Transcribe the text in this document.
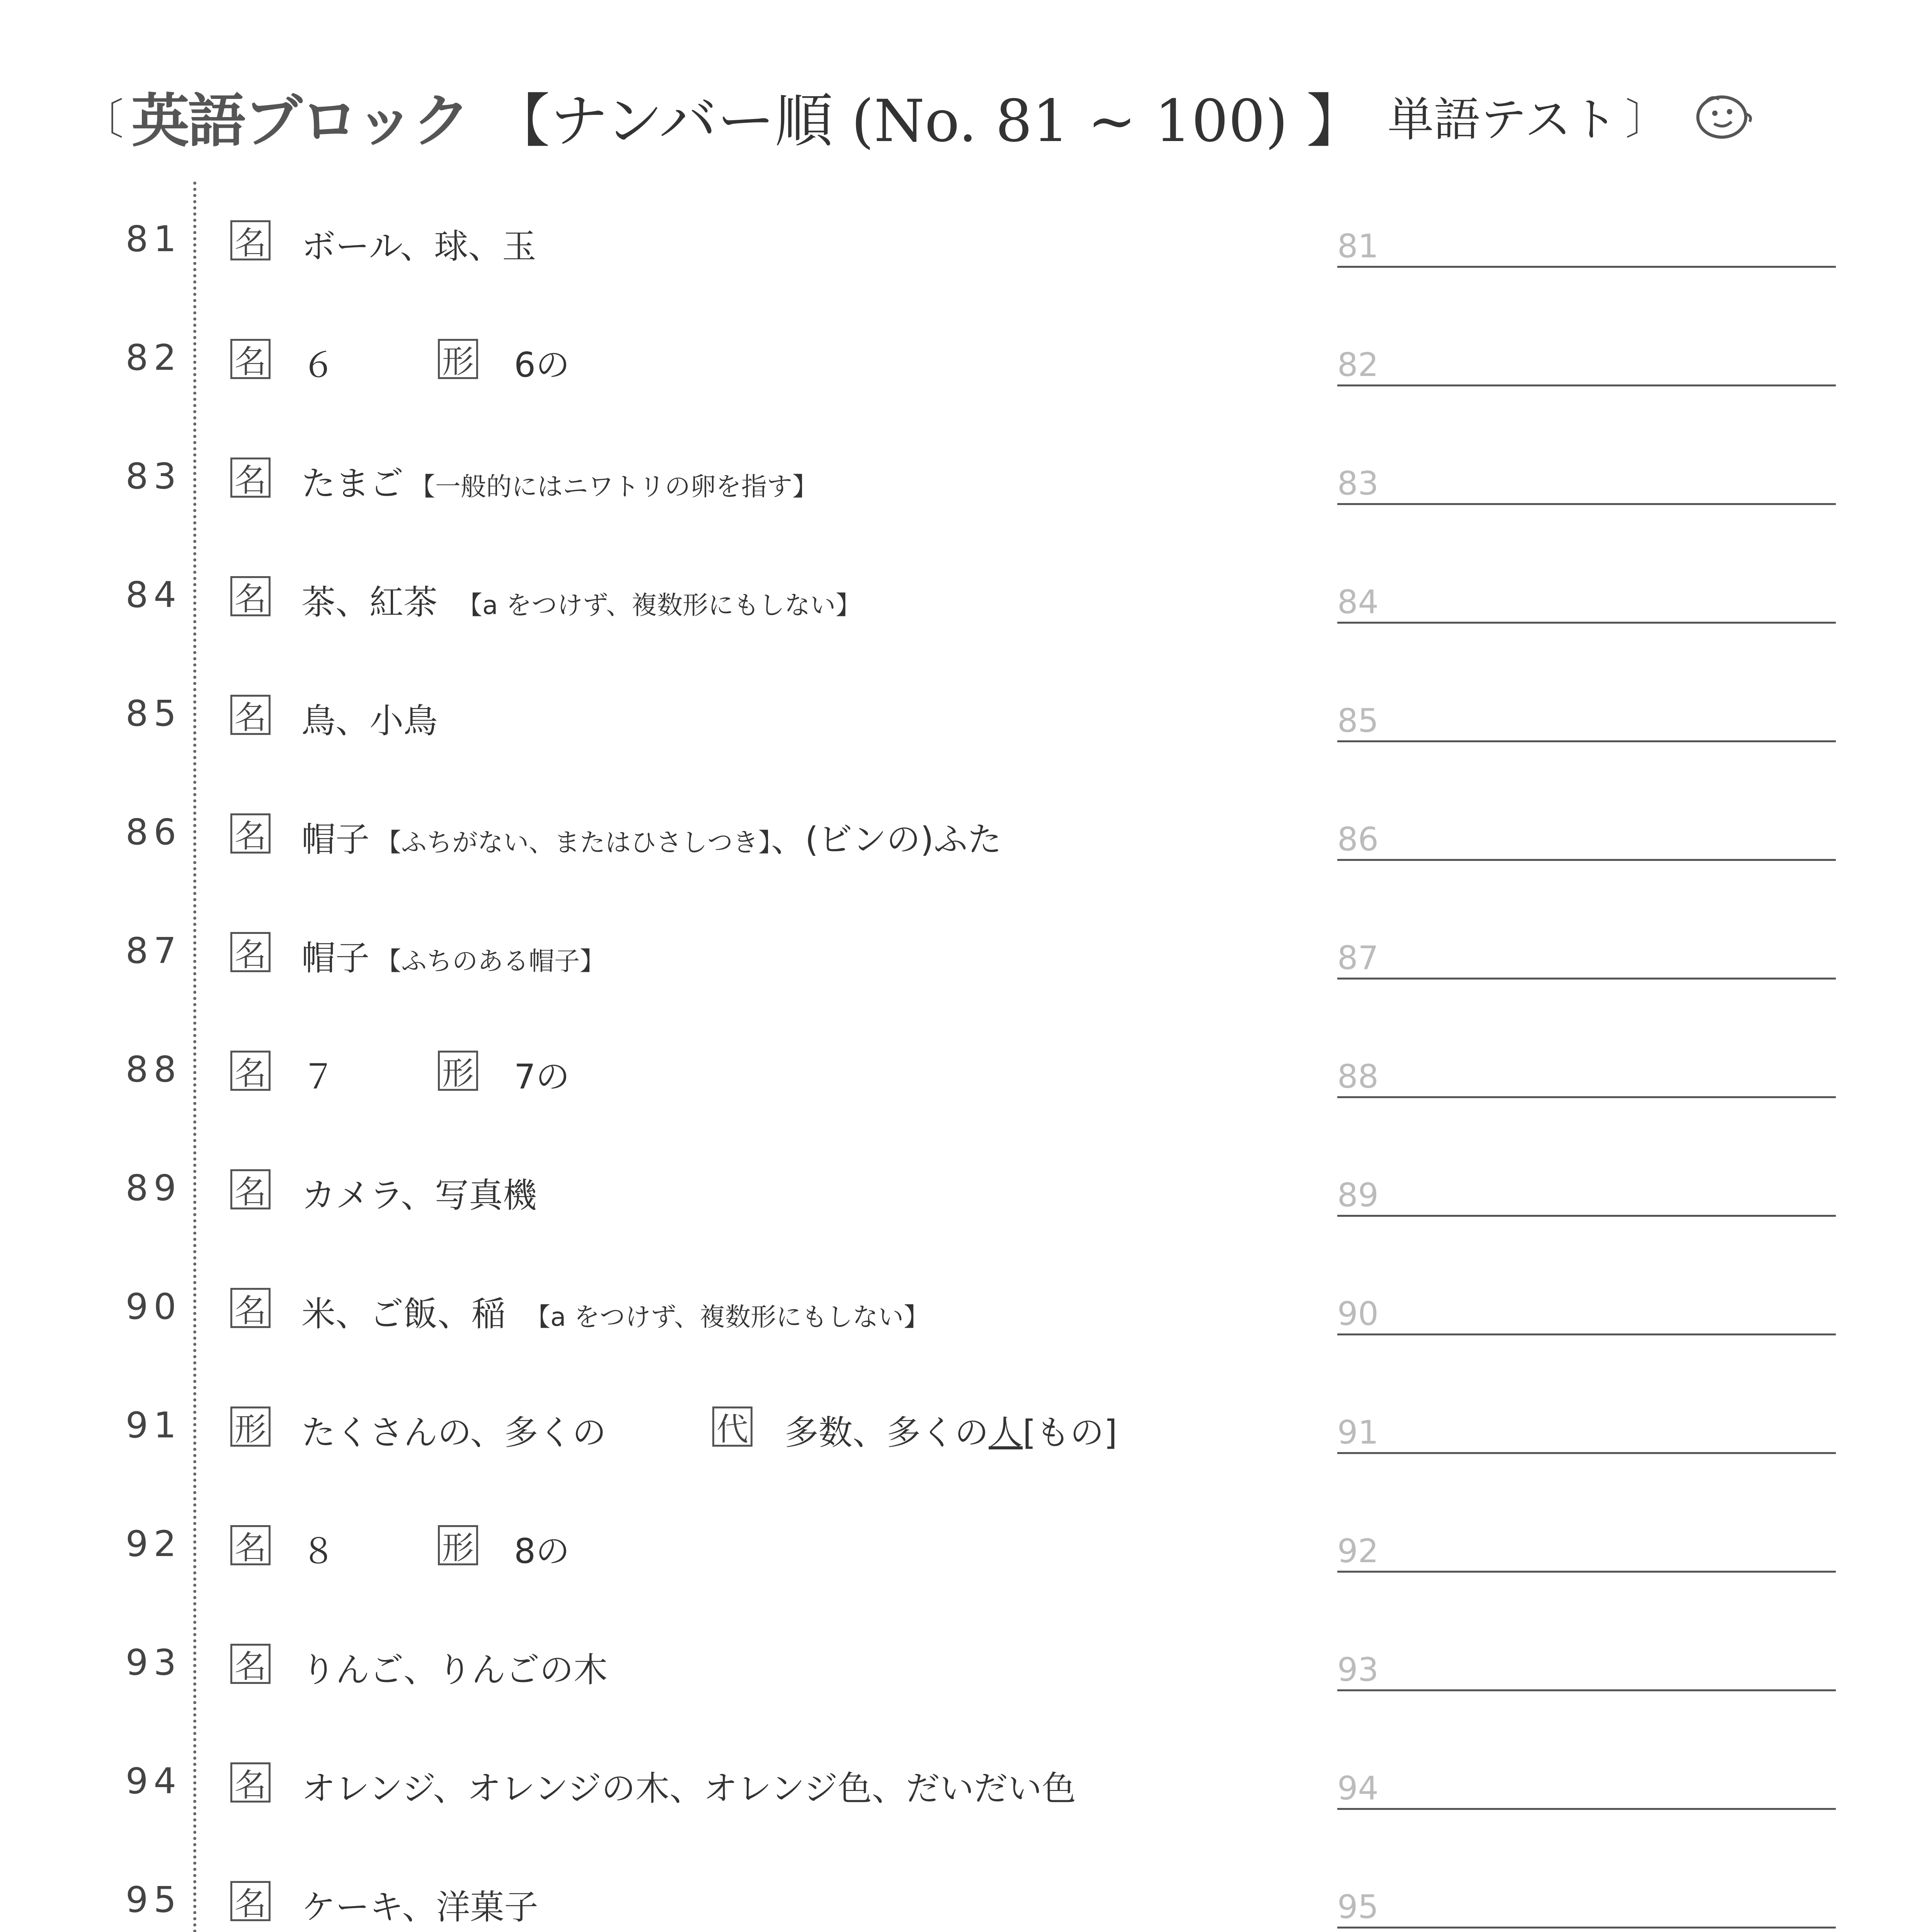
〔 英語ブロック 【ナンバー順 (No. 81 ~ 100) 】 単語テスト 〕
81 名 ボール、球、玉	81
82 名 ６	形 6の	82
83 名 たまご 【一般的にはニワトリの卵を指す】	83
84 名 茶、紅茶 【a をつけず、複数形にもしない】	84
85 名 鳥、小鳥	85
86 名 帽子 【ふちがない、またはひさしつき】、(ビンの)ふた	86
87 名 帽子 【ふちのある帽子】	87
88 名 ７	形 7の	88
89 名 カメラ、写真機	89
90 名 米、ご飯、稲 【a をつけず、複数形にもしない】	90
91 形 たくさんの、多くの	代 多数、多くの人[もの]	91
92 名 ８	形 8の	92
93 名 りんご、りんごの木	93
94 名 オレンジ、オレンジの木、オレンジ色、だいだい色	94
95 名 ケーキ、洋菓子	95
